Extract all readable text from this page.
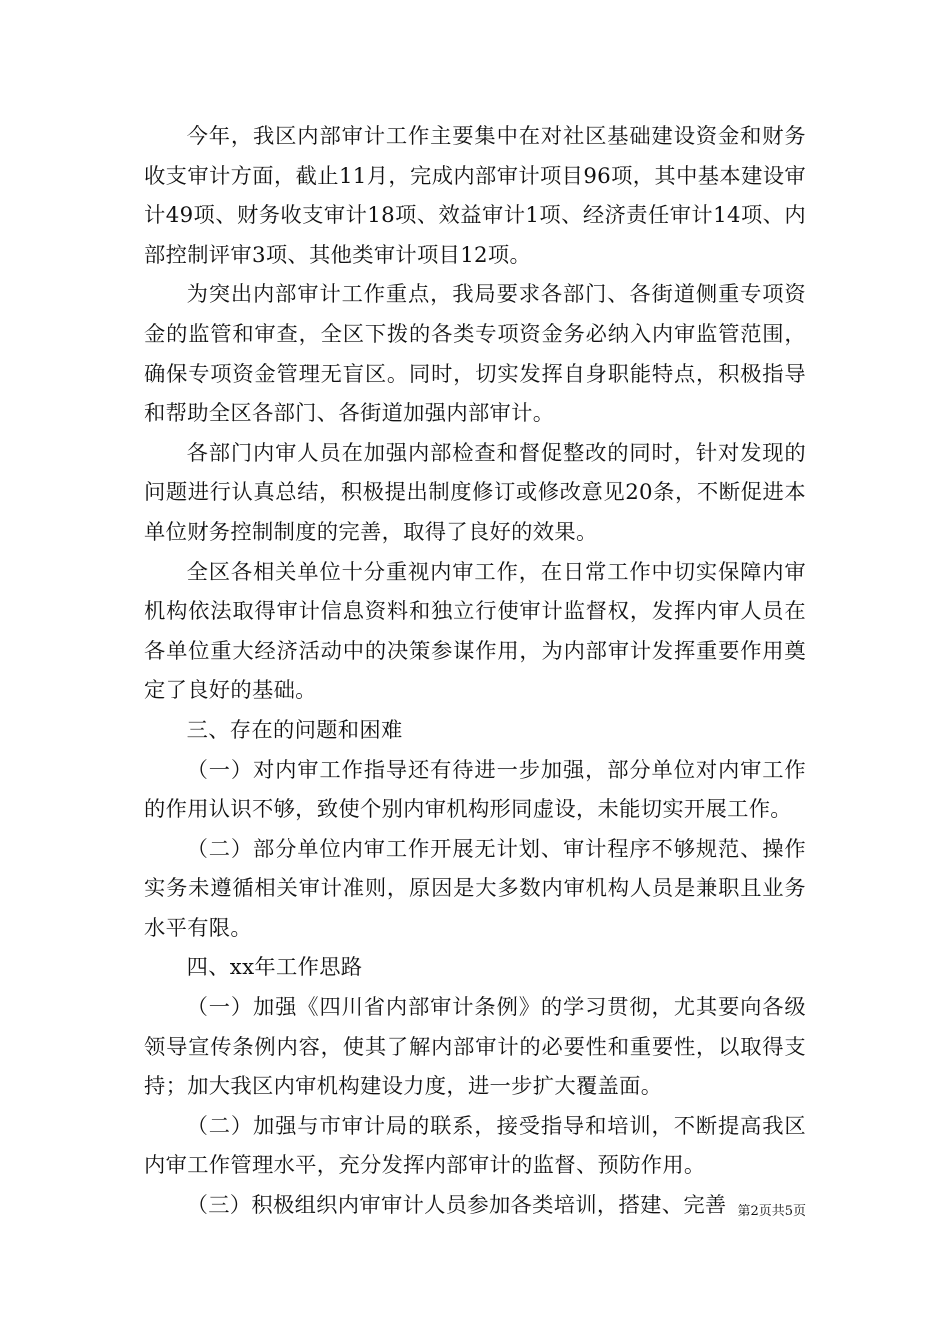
今年，我区内部审计工作主要集中在对社区基础建设资金和财务收支审计方面，截止11月，完成内部审计项目96项，其中基本建设审计49项、财务收支审计18项、效益审计1项、经济责任审计14项、内部控制评审3项、其他类审计项目12项。

为突出内部审计工作重点，我局要求各部门、各街道侧重专项资金的监管和审查，全区下拨的各类专项资金务必纳入内审监管范围，确保专项资金管理无盲区。同时，切实发挥自身职能特点，积极指导和帮助全区各部门、各街道加强内部审计。

各部门内审人员在加强内部检查和督促整改的同时，针对发现的问题进行认真总结，积极提出制度修订或修改意见20条，不断促进本单位财务控制制度的完善，取得了良好的效果。

全区各相关单位十分重视内审工作，在日常工作中切实保障内审机构依法取得审计信息资料和独立行使审计监督权，发挥内审人员在各单位重大经济活动中的决策参谋作用，为内部审计发挥重要作用奠定了良好的基础。

三、存在的问题和困难

（一）对内审工作指导还有待进一步加强，部分单位对内审工作的作用认识不够，致使个别内审机构形同虚设，未能切实开展工作。

（二）部分单位内审工作开展无计划、审计程序不够规范、操作实务未遵循相关审计准则，原因是大多数内审机构人员是兼职且业务水平有限。

四、xx年工作思路

（一）加强《四川省内部审计条例》的学习贯彻，尤其要向各级领导宣传条例内容，使其了解内部审计的必要性和重要性，以取得支持；加大我区内审机构建设力度，进一步扩大覆盖面。

（二）加强与市审计局的联系，接受指导和培训，不断提高我区内审工作管理水平，充分发挥内部审计的监督、预防作用。

（三）积极组织内审审计人员参加各类培训，搭建、完善 第2页共5页
